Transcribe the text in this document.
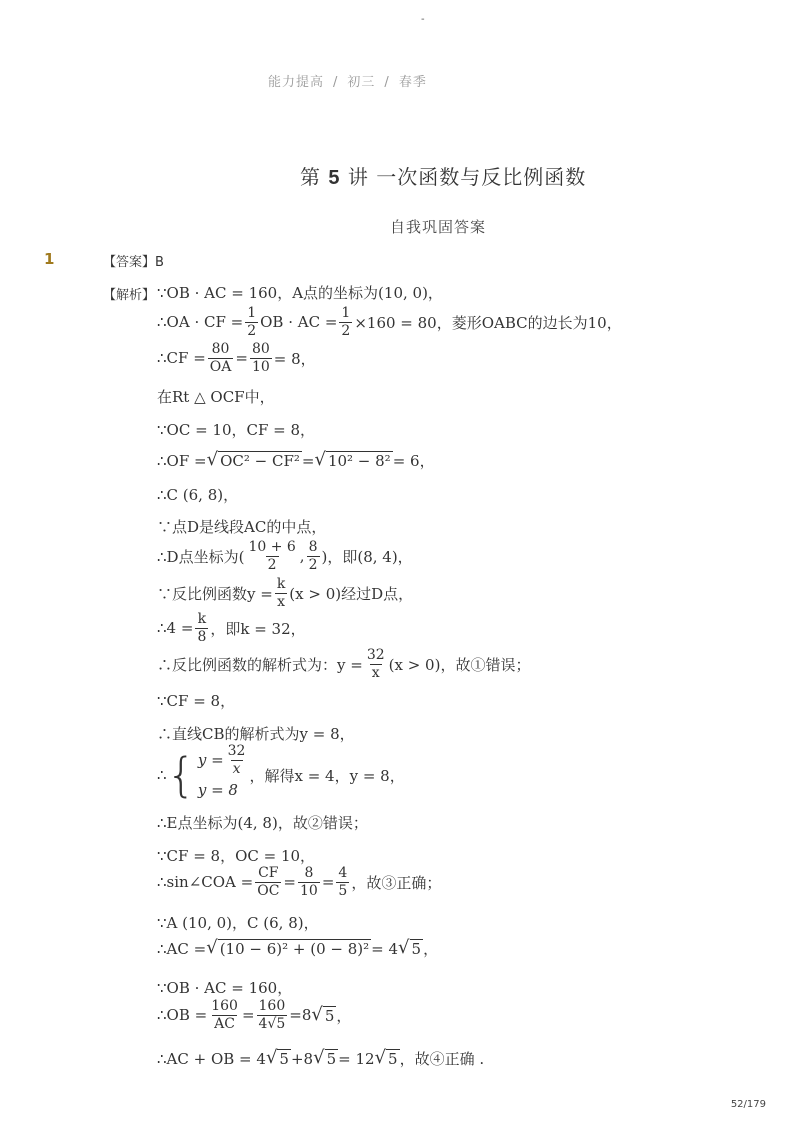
-
能力提高 / 初三 / 春季
第 5 讲 一次函数与反比例函数
自我巩固答案
1	【答案】B
【解析】 ∵OB · AC = 160，A点的坐标为(10, 0)，
∴OA · CF = $\frac{1}{2}$ OB · AC = $\frac{1}{2} \times 160 = 80$，菱形OABC的边长为10，
∴CF = $\frac{80}{OA} = \frac{80}{10} = 8$，
在Rt △ OCF中，
∵OC = 10，CF = 8，
∴OF = √ OC² − CF² = √ 10² − 8² = 6，
∴C (6, 8)，
∵点D是线段AC的中点，
∴D点坐标为( $\frac{10 + 6}{2}$ , $\frac{8}{2}$ )，即(8, 4)，
∵反比例函数$y = \frac{k}{x} (x > 0)$经过D点，
∴4 = $\frac{k}{8}$ ，即k = 32，
∴反比例函数的解析式为：$y = \frac{32}{x} (x > 0)$，故①错误；
∵CF = 8，
∴直线CB的解析式为y = 8，
∴ { $y = \frac{32}{x}$
y = 8
，解得x = 4，y = 8，
∴E点坐标为(4, 8)，故②错误；
∵CF = 8，OC = 10，
∴sin∠COA = $\frac{CF}{OC} = \frac{8}{10} = \frac{4}{5}$ ，故③正确；
∵A (10, 0)，C (6, 8)，
∴AC = √ (10 − 6)² + (0 − 8)² = 4 √ 5 ，
∵OB · AC = 160，
∴OB = $\frac{160}{AC} = \frac{160}{4√5} =8$ √ 5 ，
∴AC + OB = 4 √ 5 +8 √ 5 = 12 √ 5 ，故④正确 .
52/179
